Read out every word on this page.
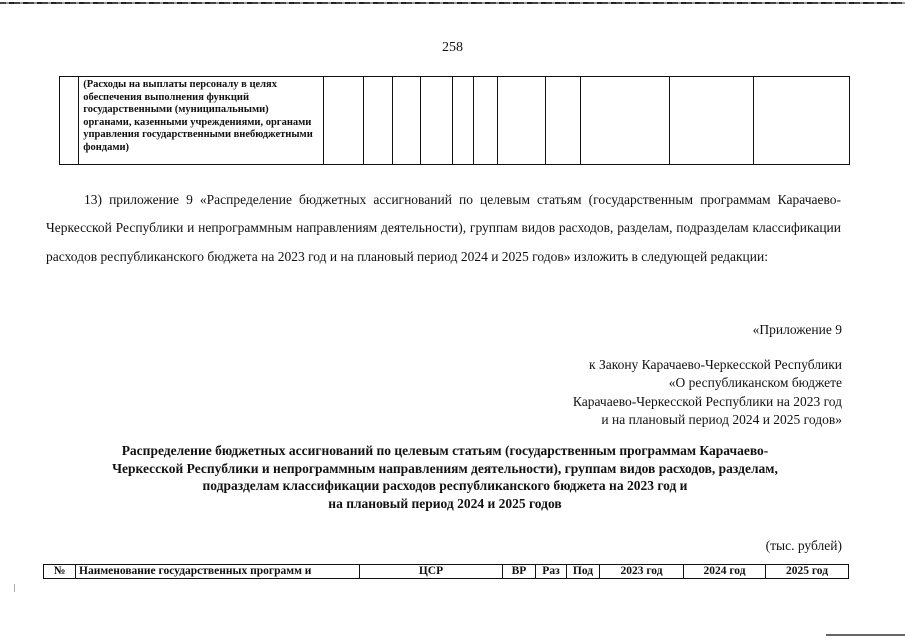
258
	(Расходы на выплаты персоналу в целях обеспечения выполнения функций государственными (муниципальными) органами, казенными учреждениями, органами управления государственными внебюджетными фондами)											
13) приложение 9 «Распределение бюджетных ассигнований по целевым статьям (государственным программам Карачаево-Черкесской Республики и непрограммным направлениям деятельности), группам видов расходов, разделам, подразделам классификации расходов республиканского бюджета на 2023 год и на плановый период 2024 и 2025 годов» изложить в следующей редакции:
«Приложение 9
к Закону Карачаево-Черкесской Республики
«О республиканском бюджете
Карачаево-Черкесской Республики на 2023 год
и на плановый период 2024 и 2025 годов»
Распределение бюджетных ассигнований по целевым статьям (государственным программам Карачаево-
Черкесской Республики и непрограммным направлениям деятельности), группам видов расходов, разделам,
подразделам классификации расходов республиканского бюджета на 2023 год и
на плановый период 2024 и 2025 годов
(тыс. рублей)
№	Наименование государственных программ и	ЦСР	ВР	Раз	Под	2023 год	2024 год	2025 год
